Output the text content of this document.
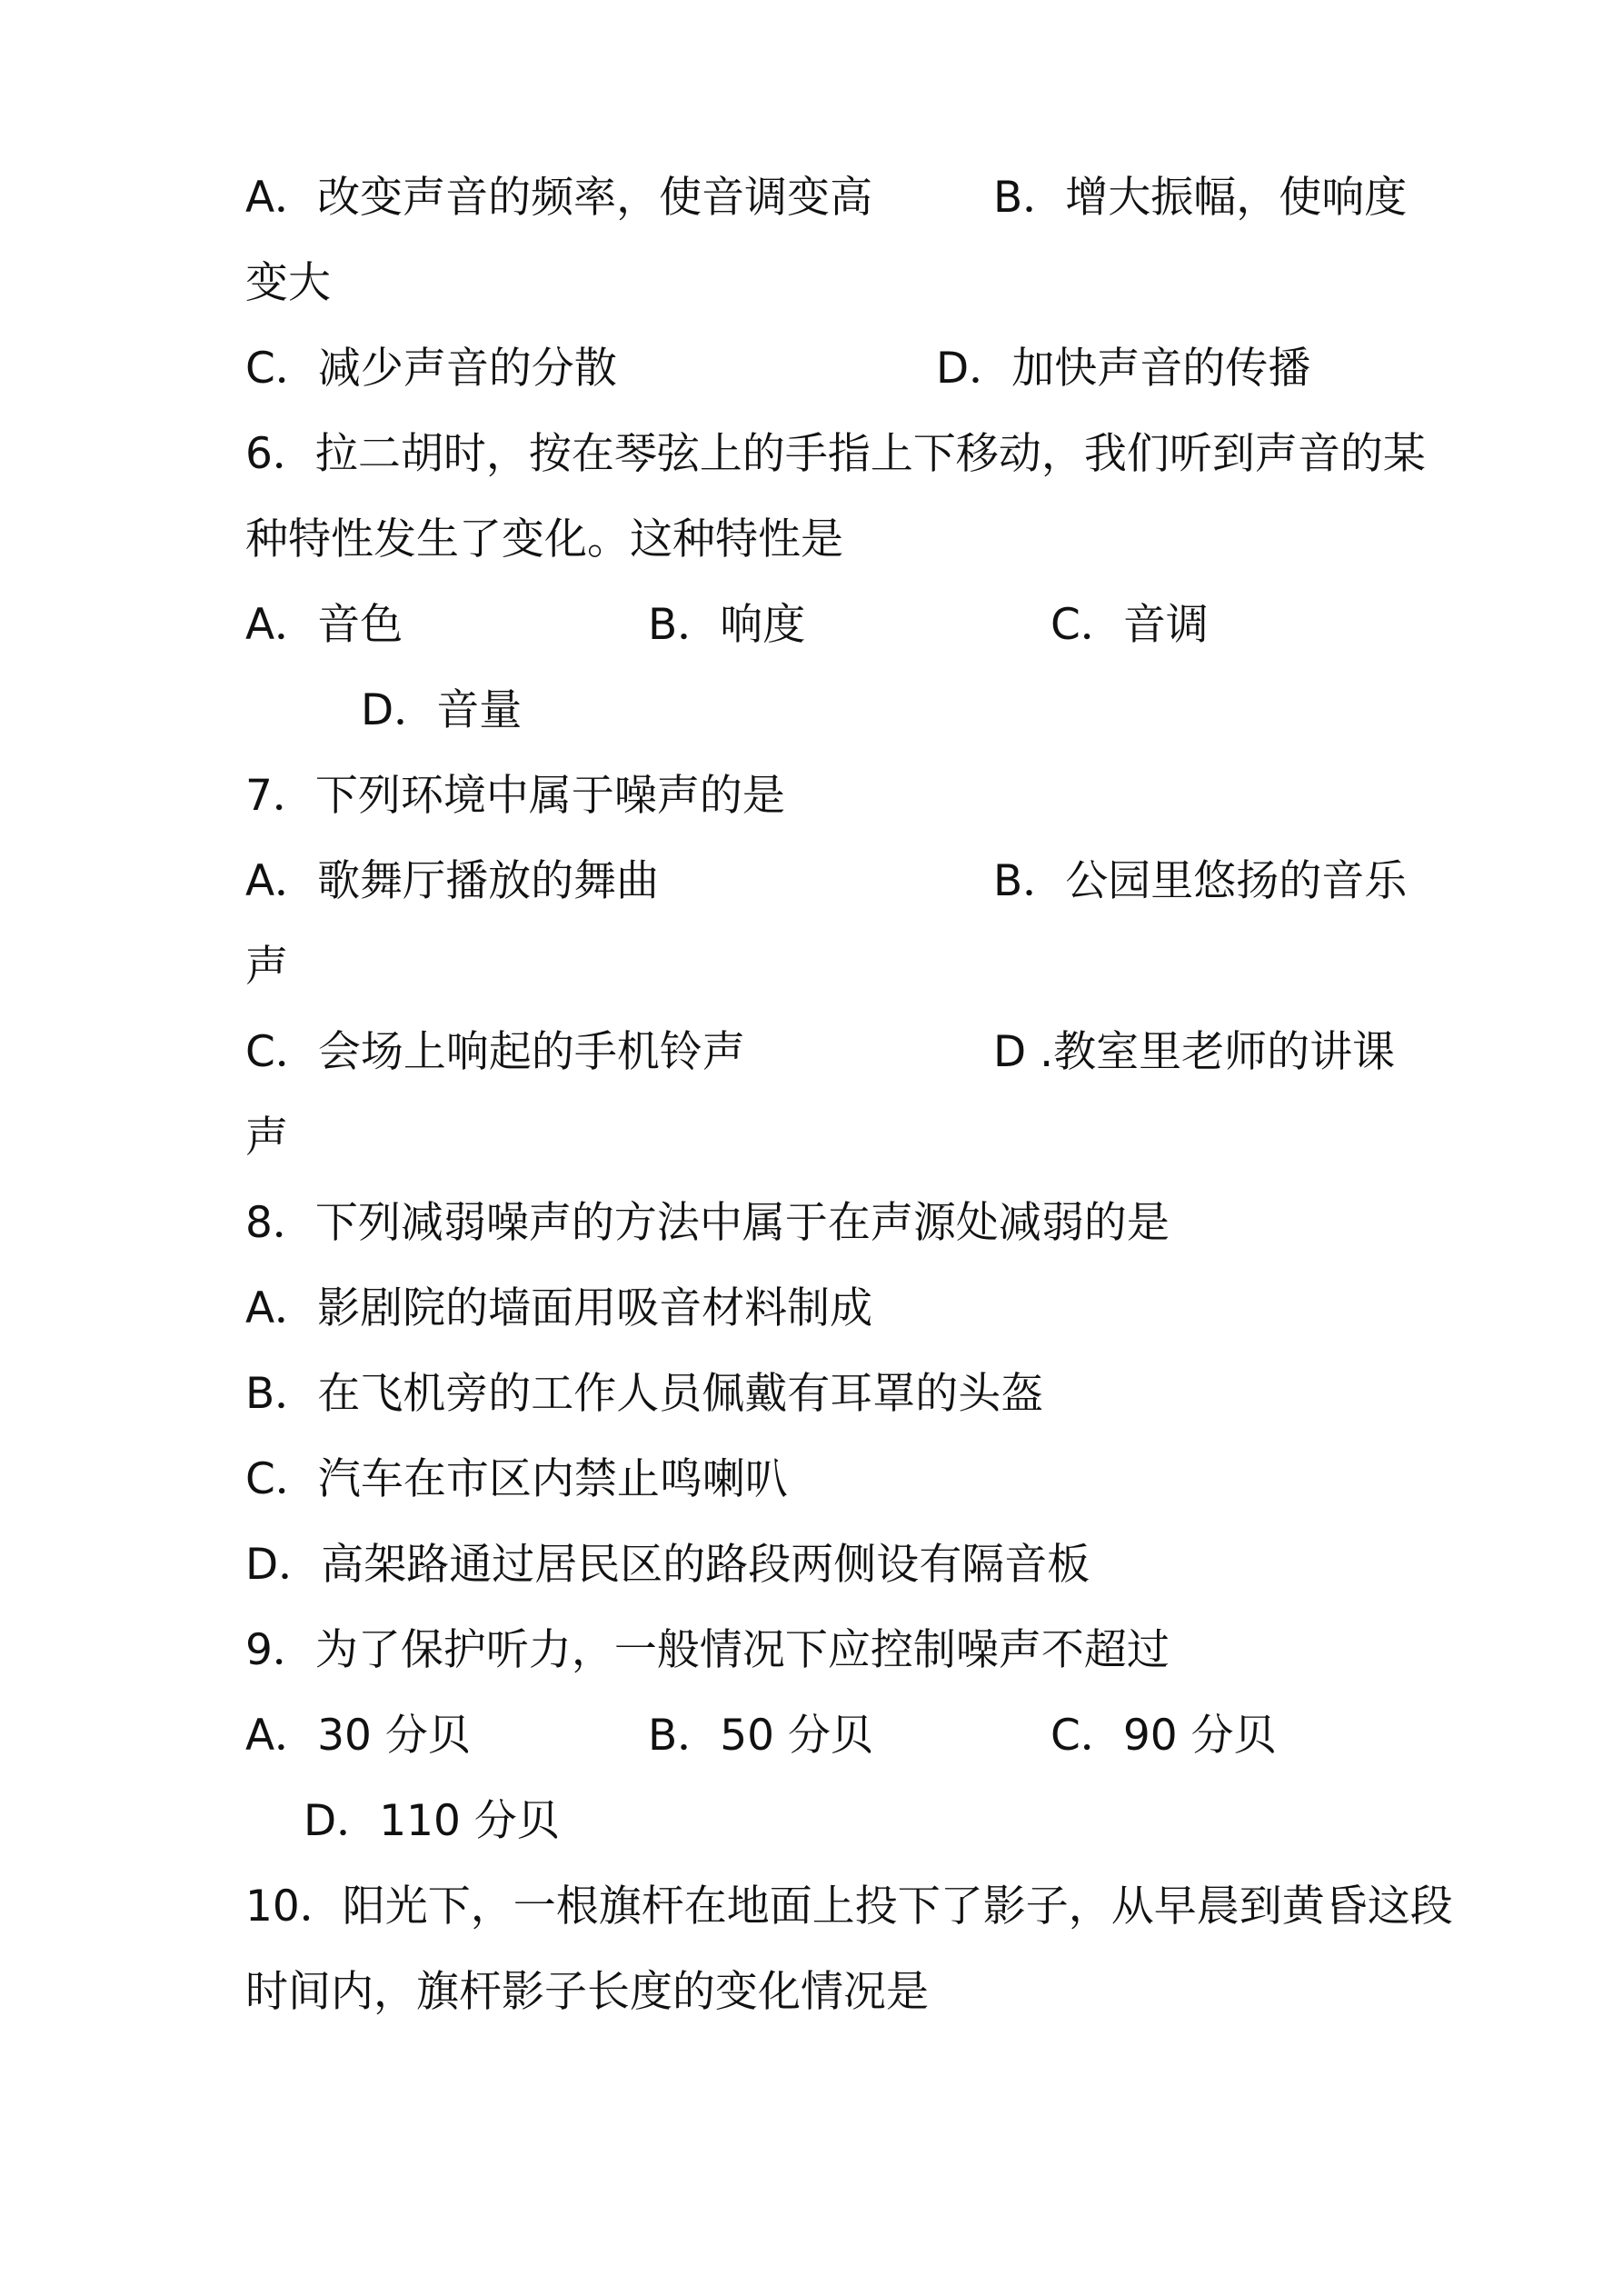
A．改变声音的频率，使音调变高	B．增大振幅，使响度
变大
C．减少声音的分散	D．加快声音的传播
6．拉二胡时，按在琴弦上的手指上下移动，我们听到声音的某
种特性发生了变化。这种特性是
A．音色	B．响度	C．音调
D．音量
7．下列环境中属于噪声的是
A．歌舞厅播放的舞曲	B．公园里悠扬的音乐
声
C．会场上响起的手机铃声	D .教室里老师的讲课
声
8．下列减弱噪声的方法中属于在声源处减弱的是
A．影剧院的墙面用吸音材料制成
B．在飞机旁的工作人员佩戴有耳罩的头盔
C．汽车在市区内禁止鸣喇叭
D．高架路通过居民区的路段两侧设有隔音板
9．为了保护听力，一般情况下应控制噪声不超过
A．30 分贝	B．50 分贝	C．90 分贝
D．110 分贝
10．阳光下，一根旗杆在地面上投下了影子，从早晨到黄昏这段
时间内，旗杆影子长度的变化情况是
